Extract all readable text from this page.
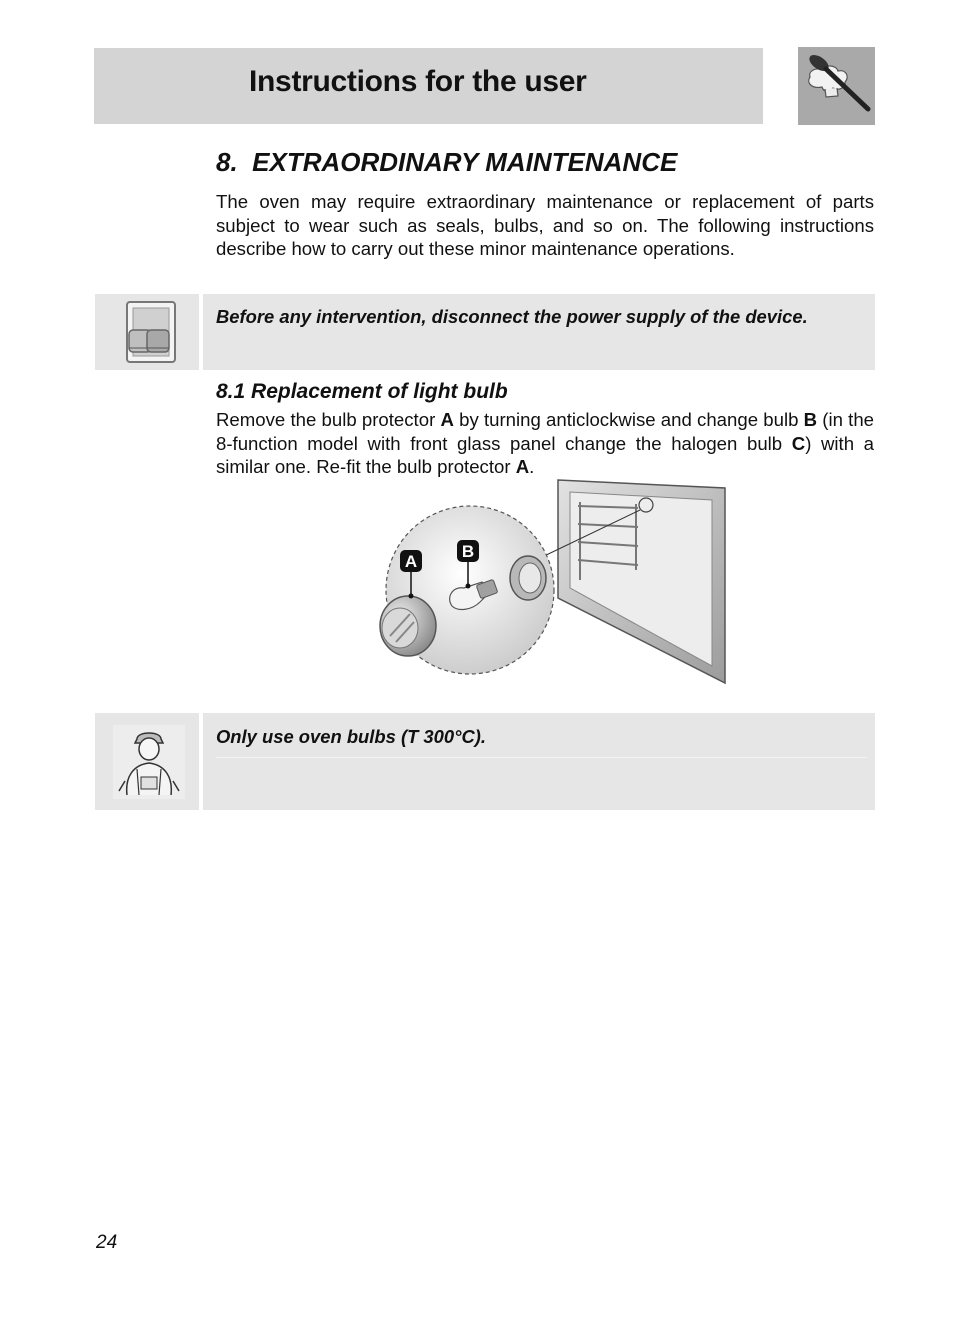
Instructions for the user
8. EXTRAORDINARY MAINTENANCE
The oven may require extraordinary maintenance or replacement of parts subject to wear such as seals, bulbs, and so on. The following instructions describe how to carry out these minor maintenance operations.
Before any intervention, disconnect the power supply of the device.
8.1 Replacement of light bulb
Remove the bulb protector A by turning anticlockwise and change bulb B (in the 8-function model with front glass panel change the halogen bulb C) with a similar one. Re-fit the bulb protector A.
A
B
Only use oven bulbs (T 300°C).
24
